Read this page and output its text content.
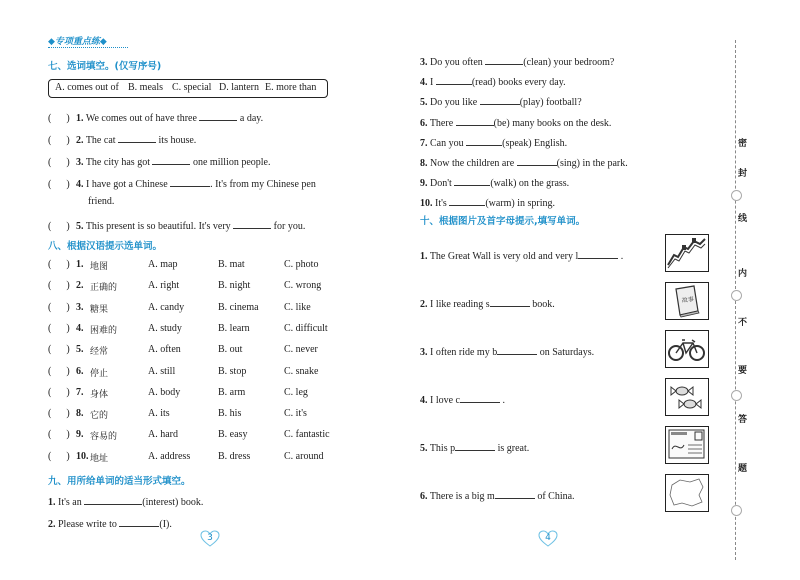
◆专项重点练◆
七、选词填空。(仅写序号)
A. comes out of B. meals C. special D. lantern E. more than
(      ) 1. We comes out of have three	a day.
(      ) 2. The cat	its house.
(      ) 3. The city has got	one million people.
(      ) 4. I have got a Chinese	. It's from my Chinese pen
friend.
(      ) 5. This present is so beautiful. It's very	for you.
八、根据汉语提示选单词。
(      ) 1. 地图	A. map	B. mat	C. photo
(      ) 2. 正确的	A. right	B. night	C. wrong
(      ) 3. 糖果	A. candy	B. cinema	C. like
(      ) 4. 困难的	A. study	B. learn	C. difficult
(      ) 5. 经常	A. often	B. out	C. never
(      ) 6. 停止	A. still	B. stop	C. snake
(      ) 7. 身体	A. body	B. arm	C. leg
(      ) 8. 它的	A. its	B. his	C. it's
(      ) 9. 容易的	A. hard	B. easy	C. fantastic
(      ) 10. 地址	A. address	B. dress	C. around
九、用所给单词的适当形式填空。
1. It's an	(interest) book.
2. Please write to	(I).
3
3. Do you often	(clean) your bedroom?
4. I	(read) books every day.
5. Do you like	(play) football?
6. There	(be) many books on the desk.
7. Can you	(speak) English.
8. Now the children are	(sing) in the park.
9. Don't	(walk) on the grass.
10. It's	(warm) in spring.
十、根据图片及首字母提示,填写单词。
1. The Great Wall is very old and very l	.
2. I like reading s	book.
3. I often ride my b	on Saturdays.
4. I love c	.
5. This p	is great.
6. There is a big m	of China.
故事
4
密
封
线
内
不
要
答
题
